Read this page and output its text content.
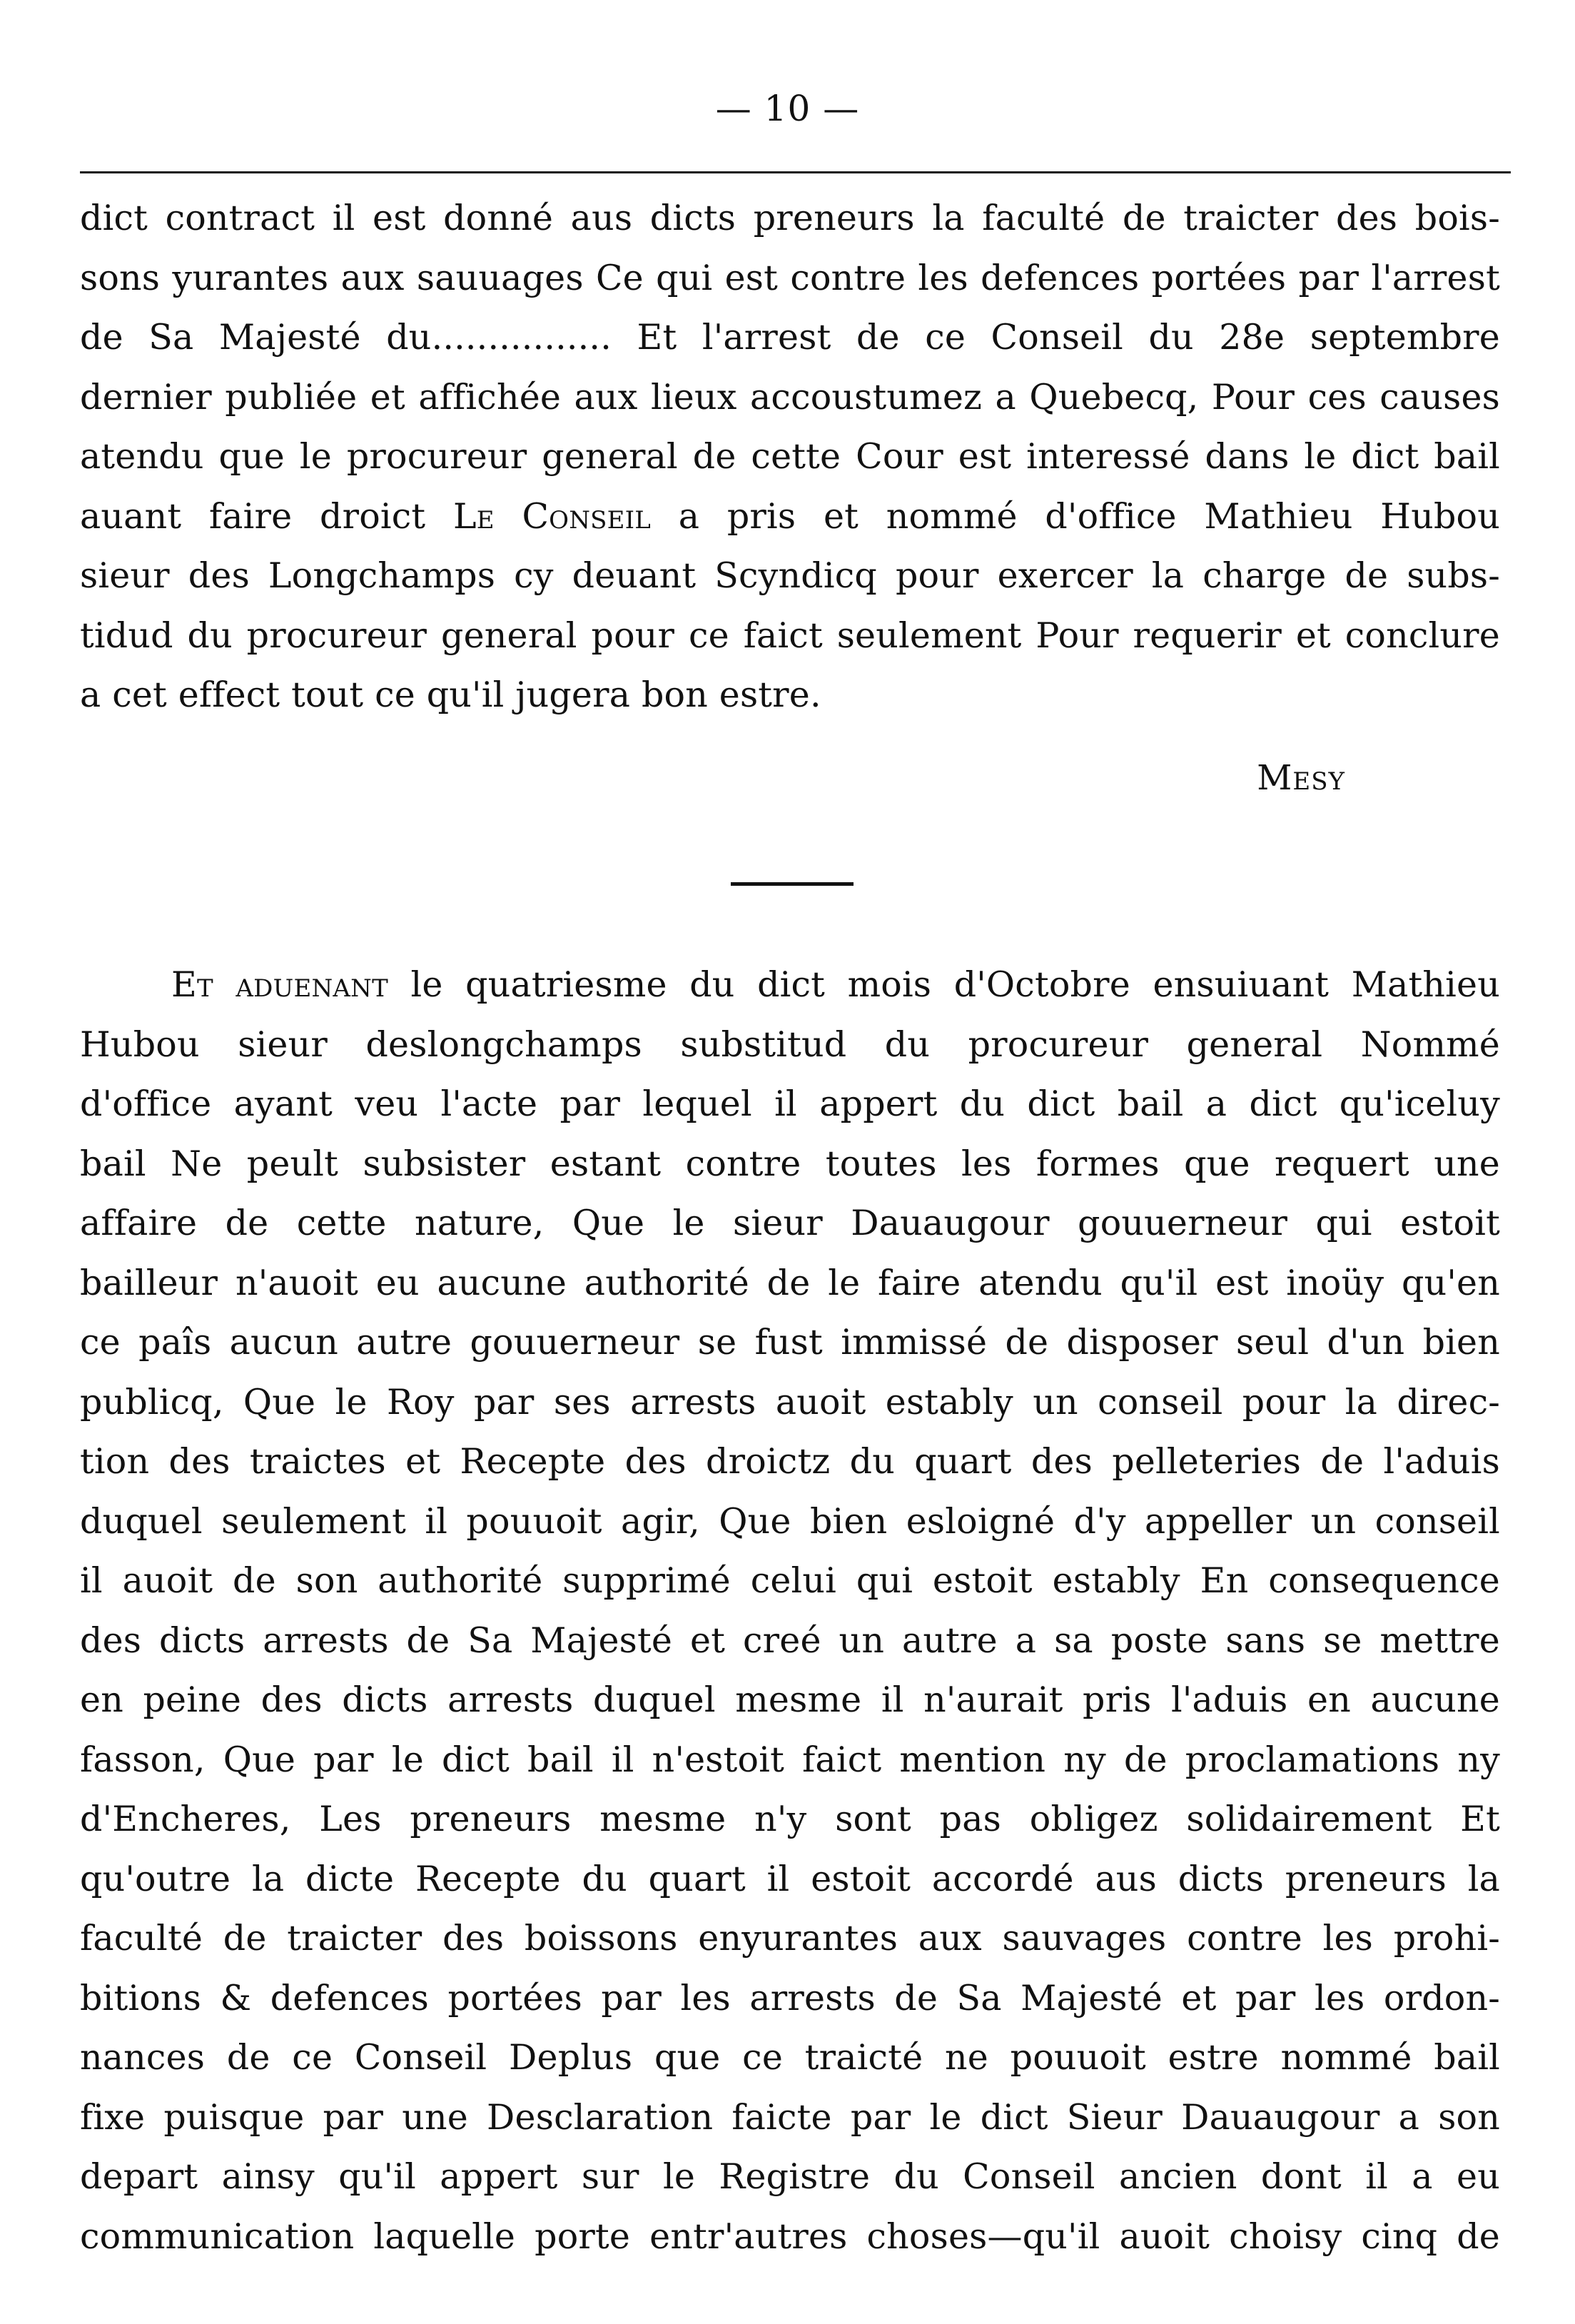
— 10 —
dict contract il est donné aus dicts preneurs la faculté de traicter des bois-
sons yurantes aux sauuages Ce qui est contre les defences portées par l'arrest
de Sa Majesté du................ Et l'arrest de ce Conseil du 28e septembre
dernier publiée et affichée aux lieux accoustumez a Quebecq, Pour ces causes
atendu que le procureur general de cette Cour est interessé dans le dict bail
auant faire droict Le Conseil a pris et nommé d'office Mathieu Hubou
sieur des Longchamps cy deuant Scyndicq pour exercer la charge de subs-
tidud du procureur general pour ce faict seulement Pour requerir et conclure
a cet effect tout ce qu'il jugera bon estre.
Mesy
Et aduenant le quatriesme du dict mois d'Octobre ensuiuant Mathieu
Hubou sieur deslongchamps substitud du procureur general Nommé
d'office ayant veu l'acte par lequel il appert du dict bail a dict qu'iceluy
bail Ne peult subsister estant contre toutes les formes que requert une
affaire de cette nature, Que le sieur Dauaugour gouuerneur qui estoit
bailleur n'auoit eu aucune authorité de le faire atendu qu'il est inoüy qu'en
ce paîs aucun autre gouuerneur se fust immissé de disposer seul d'un bien
publicq, Que le Roy par ses arrests auoit estably un conseil pour la direc-
tion des traictes et Recepte des droictz du quart des pelleteries de l'aduis
duquel seulement il pouuoit agir, Que bien esloigné d'y appeller un conseil
il auoit de son authorité supprimé celui qui estoit estably En consequence
des dicts arrests de Sa Majesté et creé un autre a sa poste sans se mettre
en peine des dicts arrests duquel mesme il n'aurait pris l'aduis en aucune
fasson, Que par le dict bail il n'estoit faict mention ny de proclamations ny
d'Encheres, Les preneurs mesme n'y sont pas obligez solidairement Et
qu'outre la dicte Recepte du quart il estoit accordé aus dicts preneurs la
faculté de traicter des boissons enyurantes aux sauvages contre les prohi-
bitions & defences portées par les arrests de Sa Majesté et par les ordon-
nances de ce Conseil Deplus que ce traicté ne pouuoit estre nommé bail
fixe puisque par une Desclaration faicte par le dict Sieur Dauaugour a son
depart ainsy qu'il appert sur le Registre du Conseil ancien dont il a eu
communication laquelle porte entr'autres choses—qu'il auoit choisy cinq de
